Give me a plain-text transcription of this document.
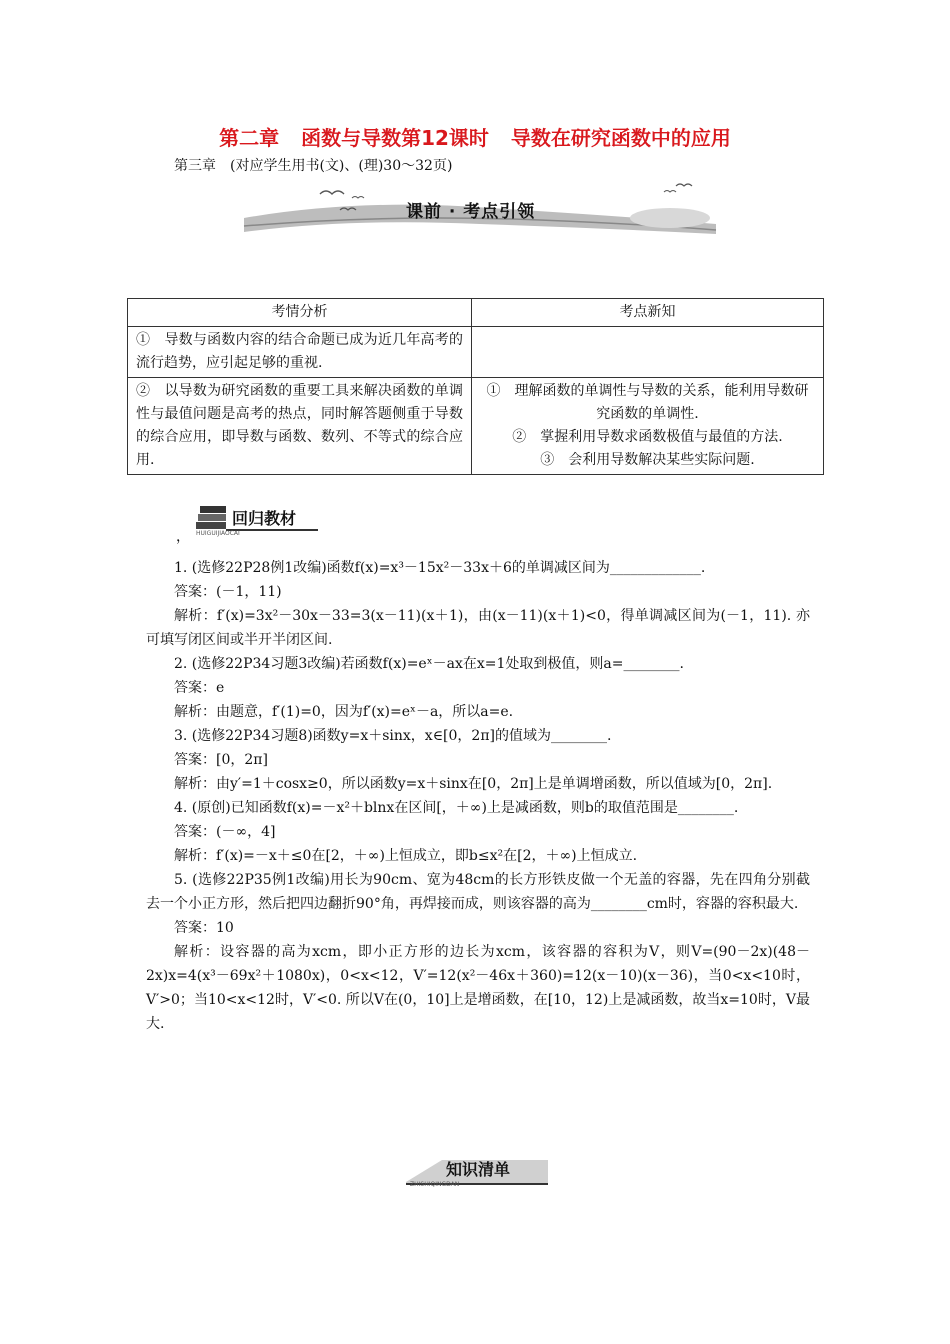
第二章 函数与导数第12课时 导数在研究函数中的应用
第三章　(对应学生用书(文)、(理)30～32页)
课前 · 考点引领
考情分析	考点新知
①　导数与函数内容的结合命题已成为近几年高考的流行趋势，应引起足够的重视.	
②　以导数为研究函数的重要工具来解决函数的单调性与最值问题是高考的热点，同时解答题侧重于导数的综合应用，即导数与函数、数列、不等式的综合应用.	①　理解函数的单调性与导数的关系，能利用导数研究函数的单调性.
②　掌握利用导数求函数极值与最值的方法.
③　会利用导数解决某些实际问题.
回归教材
HUIGUIJIAOCAI
，

1. (选修22P28例1改编)函数f(x)=x³－15x²－33x＋6的单调减区间为_____________.

答案：(－1，11)

解析：f′(x)=3x²－30x－33=3(x－11)(x＋1)，由(x－11)(x＋1)<0，得单调减区间为(－1，11). 亦可填写闭区间或半开半闭区间.

2. (选修22P34习题3改编)若函数f(x)=eˣ－ax在x=1处取到极值，则a=________.

答案：e

解析：由题意，f′(1)=0，因为f′(x)=eˣ－a，所以a=e.

3. (选修22P34习题8)函数y=x＋sinx，x∈[0，2π]的值域为________.

答案：[0，2π]

解析：由y′=1＋cosx≥0，所以函数y=x＋sinx在[0，2π]上是单调增函数，所以值域为[0，2π].

4. (原创)已知函数f(x)=－x²＋blnx在区间[，＋∞)上是减函数，则b的取值范围是________.

答案：(－∞，4]

解析：f′(x)=－x＋≤0在[2，＋∞)上恒成立，即b≤x²在[2，＋∞)上恒成立.

5. (选修22P35例1改编)用长为90cm、宽为48cm的长方形铁皮做一个无盖的容器，先在四角分别截去一个小正方形，然后把四边翻折90°角，再焊接而成，则该容器的高为________cm时，容器的容积最大.

答案：10

解析：设容器的高为xcm，即小正方形的边长为xcm，该容器的容积为V，则V=(90－2x)(48－2x)x=4(x³－69x²＋1080x)，0<x<12，V′=12(x²－46x＋360)=12(x－10)(x－36)，当0<x<10时，V′>0；当10<x<12时，V′<0. 所以V在(0，10]上是增函数，在[10，12)上是减函数，故当x=10时，V最大.

知识清单
ZHISHIQINGDAN
